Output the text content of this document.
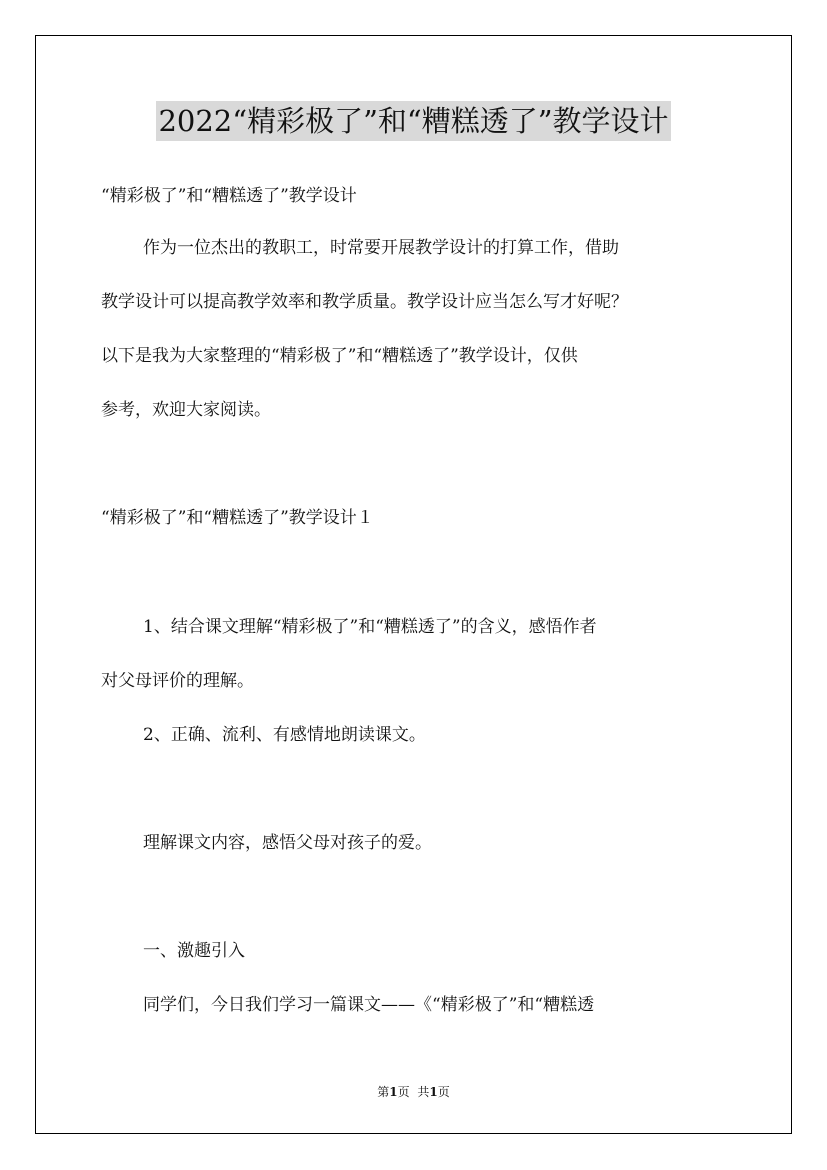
2022“精彩极了”和“糟糕透了”教学设计
“精彩极了”和“糟糕透了”教学设计
作为一位杰出的教职工，时常要开展教学设计的打算工作，借助
教学设计可以提高教学效率和教学质量。教学设计应当怎么写才好呢？
以下是我为大家整理的“精彩极了”和“糟糕透了”教学设计，仅供
参考，欢迎大家阅读。
“精彩极了”和“糟糕透了”教学设计１
1、结合课文理解“精彩极了”和“糟糕透了”的含义，感悟作者
对父母评价的理解。
2、正确、流利、有感情地朗读课文。
理解课文内容，感悟父母对孩子的爱。
一、激趣引入
同学们，今日我们学习一篇课文——《“精彩极了”和“糟糕透
第1页 共1页
